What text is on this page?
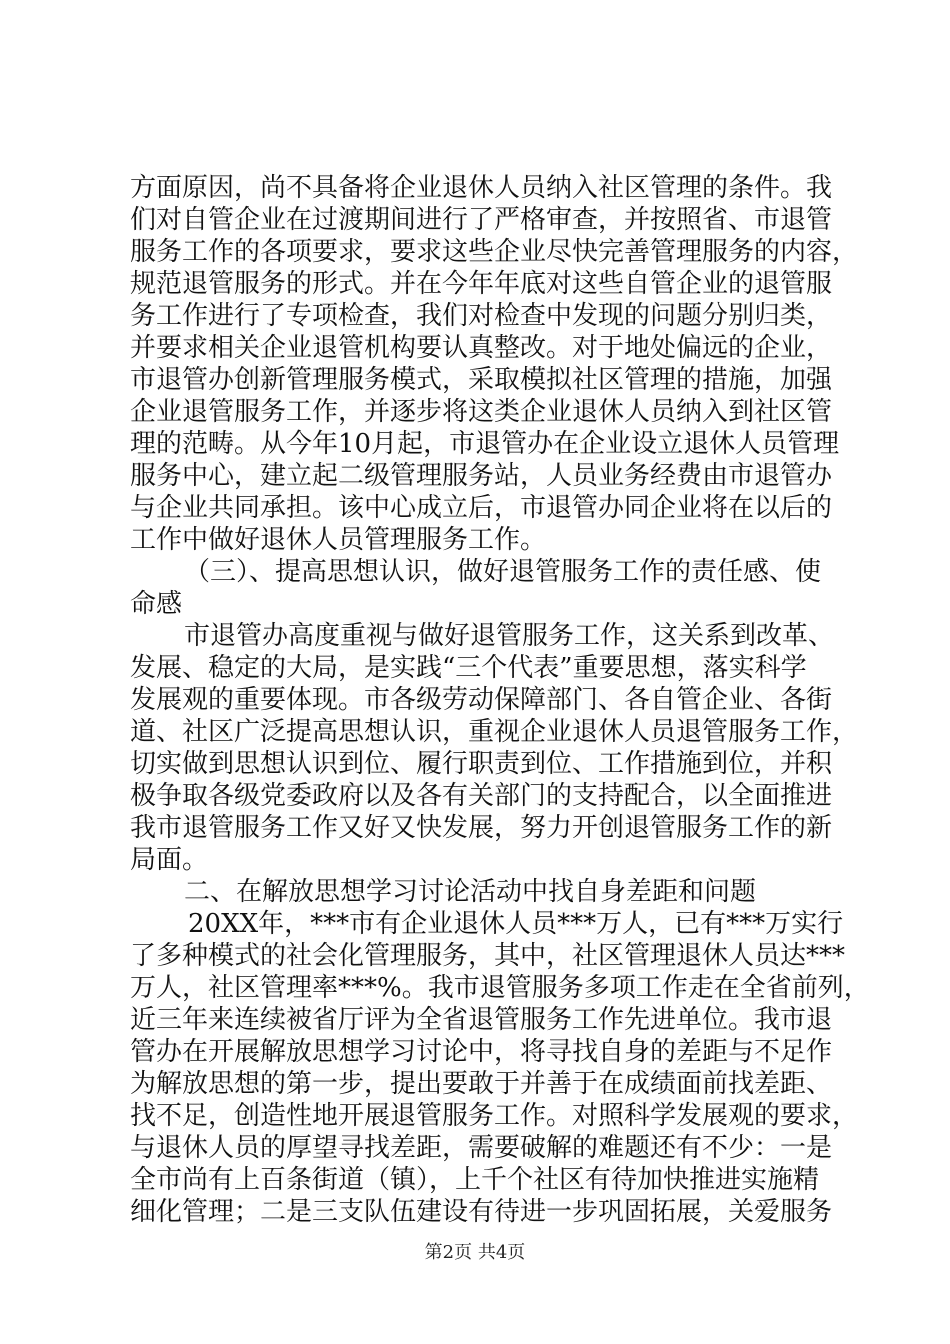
方面原因，尚不具备将企业退休人员纳入社区管理的条件。我
们对自管企业在过渡期间进行了严格审查，并按照省、市退管
服务工作的各项要求，要求这些企业尽快完善管理服务的内容，
规范退管服务的形式。并在今年年底对这些自管企业的退管服
务工作进行了专项检查，我们对检查中发现的问题分别归类，
并要求相关企业退管机构要认真整改。对于地处偏远的企业，
市退管办创新管理服务模式，采取模拟社区管理的措施，加强
企业退管服务工作，并逐步将这类企业退休人员纳入到社区管
理的范畴。从今年10月起，市退管办在企业设立退休人员管理
服务中心，建立起二级管理服务站，人员业务经费由市退管办
与企业共同承担。该中心成立后，市退管办同企业将在以后的
工作中做好退休人员管理服务工作。
（三）、提高思想认识，做好退管服务工作的责任感、使
命感
市退管办高度重视与做好退管服务工作，这关系到改革、
发展、稳定的大局，是实践“三个代表”重要思想，落实科学
发展观的重要体现。市各级劳动保障部门、各自管企业、各街
道、社区广泛提高思想认识，重视企业退休人员退管服务工作，
切实做到思想认识到位、履行职责到位、工作措施到位，并积
极争取各级党委政府以及各有关部门的支持配合，以全面推进
我市退管服务工作又好又快发展，努力开创退管服务工作的新
局面。
二、在解放思想学习讨论活动中找自身差距和问题
20XX年，***市有企业退休人员***万人，已有***万实行
了多种模式的社会化管理服务，其中，社区管理退休人员达***
万人，社区管理率***%。我市退管服务多项工作走在全省前列，
近三年来连续被省厅评为全省退管服务工作先进单位。我市退
管办在开展解放思想学习讨论中，将寻找自身的差距与不足作
为解放思想的第一步，提出要敢于并善于在成绩面前找差距、
找不足，创造性地开展退管服务工作。对照科学发展观的要求，
与退休人员的厚望寻找差距，需要破解的难题还有不少：一是
全市尚有上百条街道（镇），上千个社区有待加快推进实施精
细化管理；二是三支队伍建设有待进一步巩固拓展，关爱服务
第2页 共4页
